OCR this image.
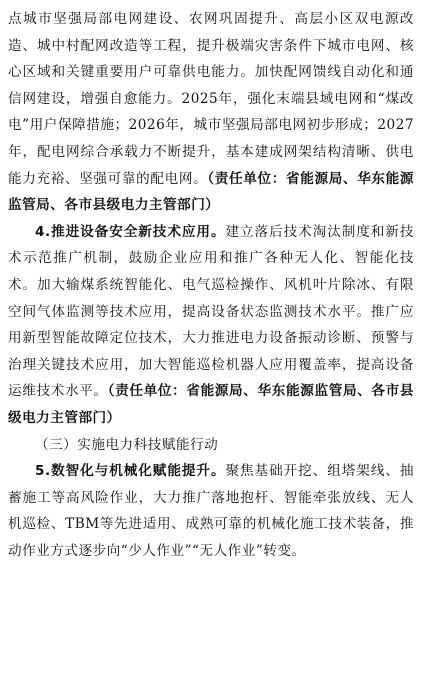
点城市坚强局部电网建设、农网巩固提升、高层小区双电源改造、城中村配网改造等工程，提升极端灾害条件下城市电网、核心区域和关键重要用户可靠供电能力。加快配网馈线自动化和通信网建设，增强自愈能力。2025年，强化末端县域电网和“煤改电”用户保障措施；2026年，城市坚强局部电网初步形成；2027年，配电网综合承载力不断提升，基本建成网架结构清晰、供电能力充裕、坚强可靠的配电网。（责任单位：省能源局、华东能源监管局、各市县级电力主管部门）

4.推进设备安全新技术应用。建立落后技术淘汰制度和新技术示范推广机制，鼓励企业应用和推广各种无人化、智能化技术。加大输煤系统智能化、电气巡检操作、风机叶片除冰、有限空间气体监测等技术应用，提高设备状态监测技术水平。推广应用新型智能故障定位技术，大力推进电力设备振动诊断、预警与治理关键技术应用，加大智能巡检机器人应用覆盖率，提高设备运维技术水平。（责任单位：省能源局、华东能源监管局、各市县级电力主管部门）

（三）实施电力科技赋能行动

5.数智化与机械化赋能提升。聚焦基础开挖、组塔架线、抽蓄施工等高风险作业，大力推广落地抱杆、智能牵张放线、无人机巡检、TBM等先进适用、成熟可靠的机械化施工技术装备，推动作业方式逐步向“少人作业”“无人作业”转变。
